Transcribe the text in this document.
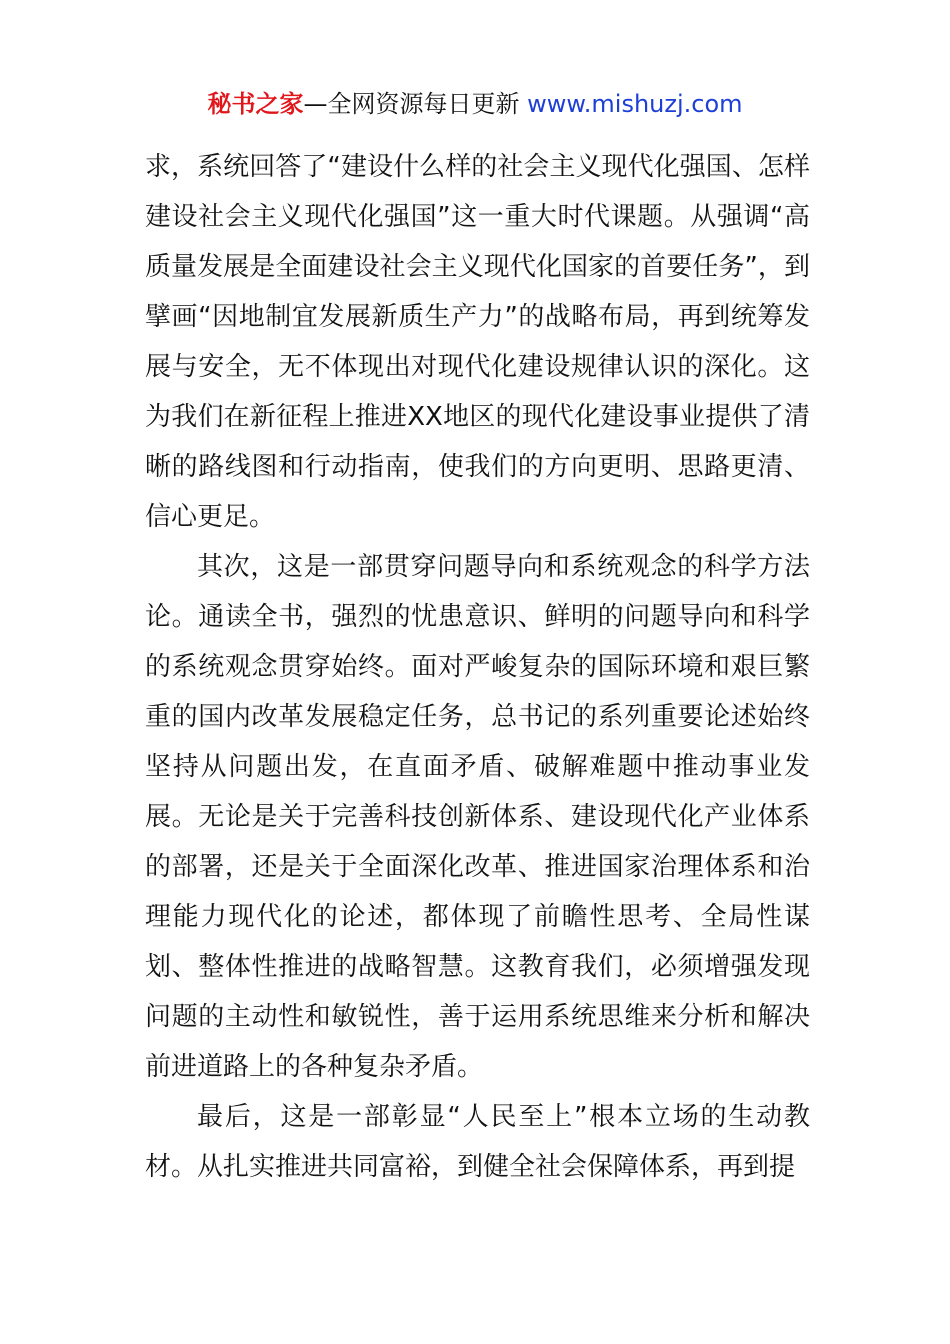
秘书之家—全网资源每日更新 www.mishuzj.com

求，系统回答了“建设什么样的社会主义现代化强国、怎样建设社会主义现代化强国”这一重大时代课题。从强调“高质量发展是全面建设社会主义现代化国家的首要任务”，到擘画“因地制宜发展新质生产力”的战略布局，再到统筹发展与安全，无不体现出对现代化建设规律认识的深化。这为我们在新征程上推进XX地区的现代化建设事业提供了清晰的路线图和行动指南，使我们的方向更明、思路更清、信心更足。

其次，这是一部贯穿问题导向和系统观念的科学方法论。通读全书，强烈的忧患意识、鲜明的问题导向和科学的系统观念贯穿始终。面对严峻复杂的国际环境和艰巨繁重的国内改革发展稳定任务，总书记的系列重要论述始终坚持从问题出发，在直面矛盾、破解难题中推动事业发展。无论是关于完善科技创新体系、建设现代化产业体系的部署，还是关于全面深化改革、推进国家治理体系和治理能力现代化的论述，都体现了前瞻性思考、全局性谋划、整体性推进的战略智慧。这教育我们，必须增强发现问题的主动性和敏锐性，善于运用系统思维来分析和解决前进道路上的各种复杂矛盾。

最后，这是一部彰显“人民至上”根本立场的生动教材。从扎实推进共同富裕，到健全社会保障体系，再到提
